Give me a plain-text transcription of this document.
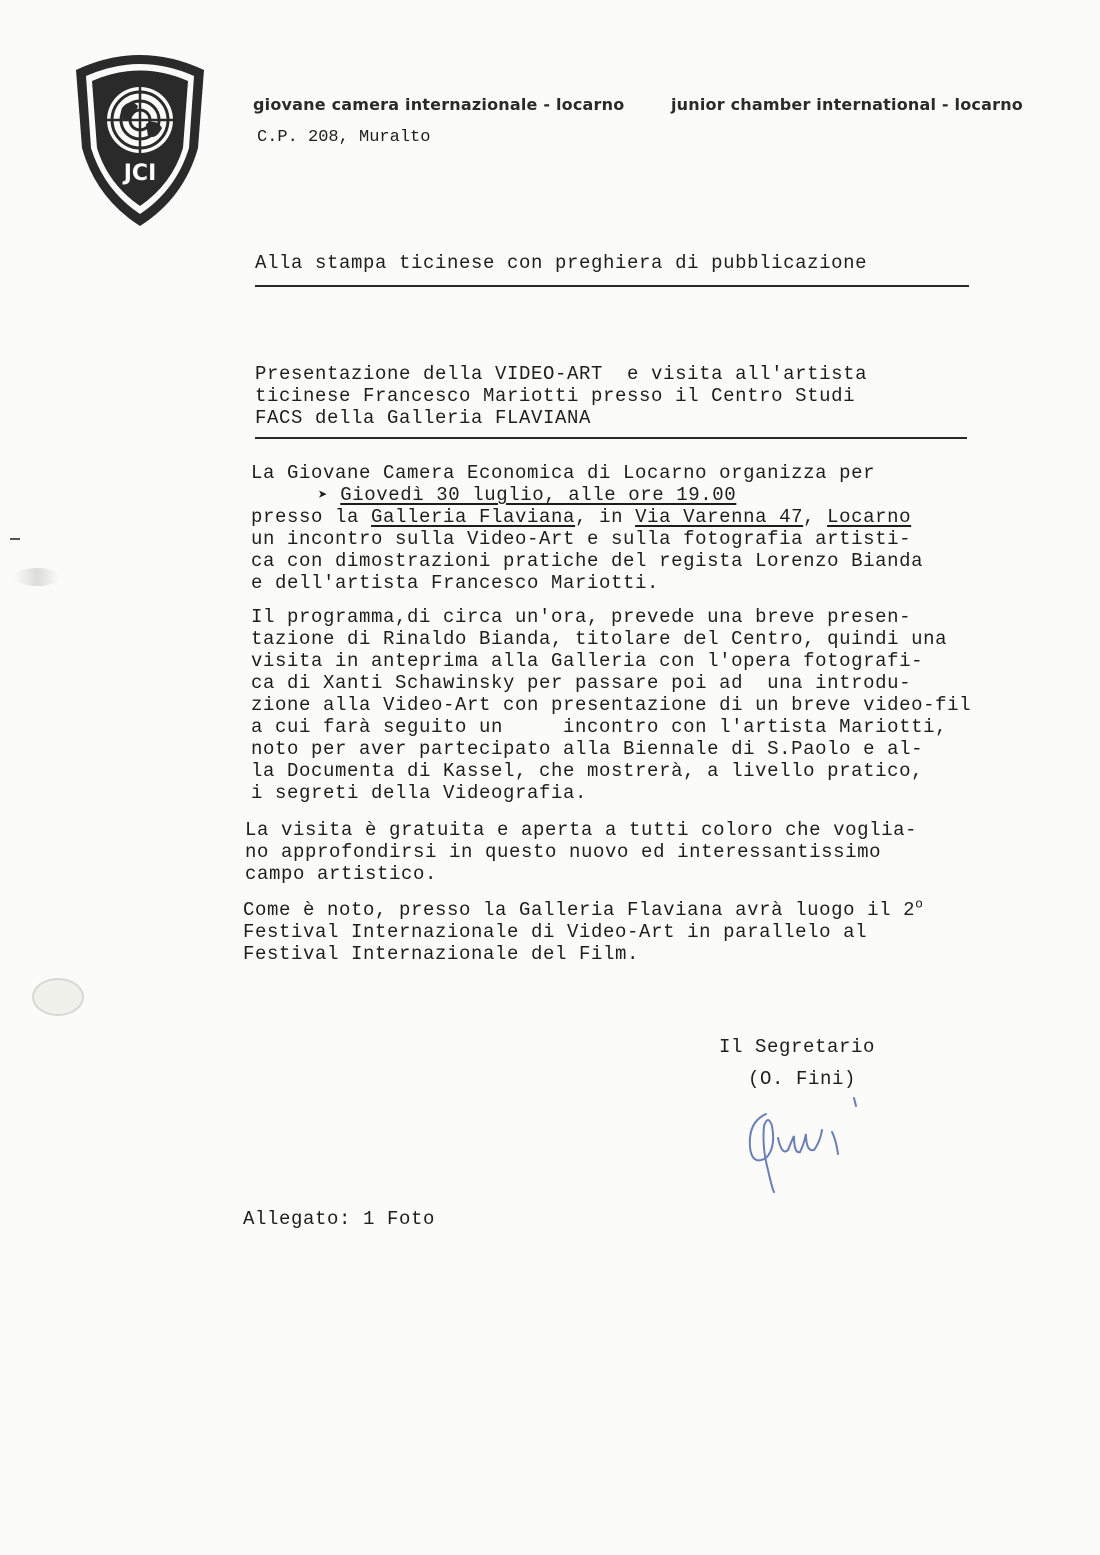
JCI
giovane camera internazionale - locarno	junior chamber international - locarno
C.P. 208, Muralto
Alla stampa ticinese con preghiera di pubblicazione
Presentazione della VIDEO-ART  e visita all'artista
ticinese Francesco Mariotti presso il Centro Studi
FACS della Galleria FLAVIANA
La Giovane Camera Economica di Locarno organizza per
➤ Giovedì 30 luglio, alle ore 19.00
presso la Galleria Flaviana, in Via Varenna 47, Locarno
un incontro sulla Video-Art e sulla fotografia artisti-
ca con dimostrazioni pratiche del regista Lorenzo Bianda
e dell'artista Francesco Mariotti.
Il programma,di circa un'ora, prevede una breve presen-
tazione di Rinaldo Bianda, titolare del Centro, quindi una
visita in anteprima alla Galleria con l'opera fotografi-
ca di Xanti Schawinsky per passare poi ad  una introdu-
zione alla Video-Art con presentazione di un breve video-fil
a cui farà seguito un     incontro con l'artista Mariotti,
noto per aver partecipato alla Biennale di S.Paolo e al-
la Documenta di Kassel, che mostrerà, a livello pratico,
i segreti della Videografia.
La visita è gratuita e aperta a tutti coloro che voglia-
no approfondirsi in questo nuovo ed interessantissimo
campo artistico.
Come è noto, presso la Galleria Flaviana avrà luogo il 2$^o$
Festival Internazionale di Video-Art in parallelo al
Festival Internazionale del Film.
Il Segretario
(O. Fini)
Allegato: 1 Foto
